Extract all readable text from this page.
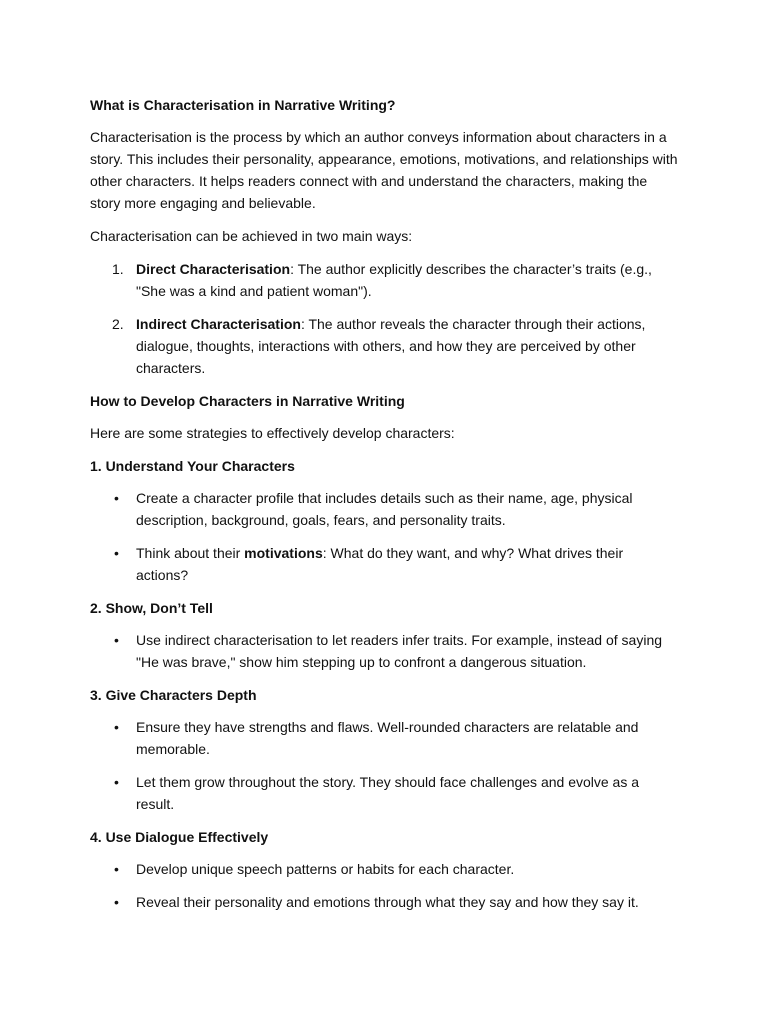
What is Characterisation in Narrative Writing?
Characterisation is the process by which an author conveys information about characters in a story. This includes their personality, appearance, emotions, motivations, and relationships with other characters. It helps readers connect with and understand the characters, making the story more engaging and believable.
Characterisation can be achieved in two main ways:
1. Direct Characterisation: The author explicitly describes the character’s traits (e.g., "She was a kind and patient woman").
2. Indirect Characterisation: The author reveals the character through their actions, dialogue, thoughts, interactions with others, and how they are perceived by other characters.
How to Develop Characters in Narrative Writing
Here are some strategies to effectively develop characters:
1. Understand Your Characters
• Create a character profile that includes details such as their name, age, physical description, background, goals, fears, and personality traits.
• Think about their motivations: What do they want, and why? What drives their actions?
2. Show, Don’t Tell
• Use indirect characterisation to let readers infer traits. For example, instead of saying "He was brave," show him stepping up to confront a dangerous situation.
3. Give Characters Depth
• Ensure they have strengths and flaws. Well-rounded characters are relatable and memorable.
• Let them grow throughout the story. They should face challenges and evolve as a result.
4. Use Dialogue Effectively
• Develop unique speech patterns or habits for each character.
• Reveal their personality and emotions through what they say and how they say it.
